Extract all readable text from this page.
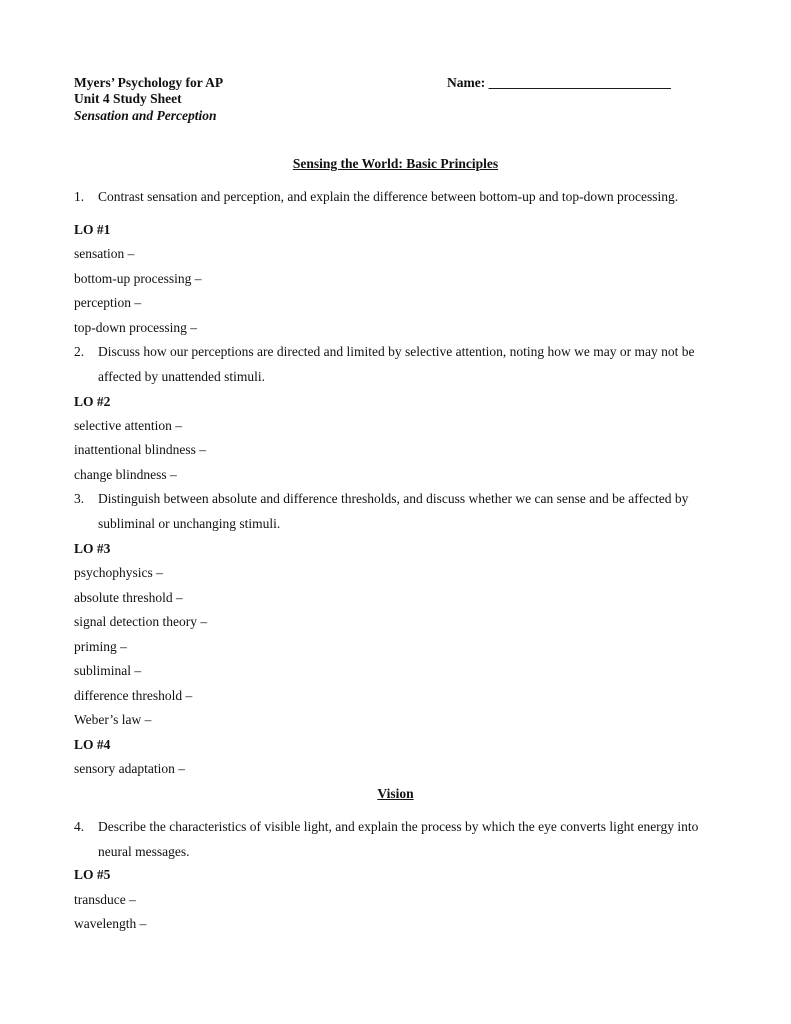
Myers’ Psychology for AP	Name: ___________________________
Unit 4 Study Sheet
Sensation and Perception
Sensing the World: Basic Principles
1. Contrast sensation and perception, and explain the difference between bottom-up and top-down processing.
LO #1
sensation –
bottom-up processing –
perception –
top-down processing –
2. Discuss how our perceptions are directed and limited by selective attention, noting how we may or may not be affected by unattended stimuli.
LO #2
selective attention –
inattentional blindness –
change blindness –
3. Distinguish between absolute and difference thresholds, and discuss whether we can sense and be affected by subliminal or unchanging stimuli.
LO #3
psychophysics –
absolute threshold –
signal detection theory –
priming –
subliminal –
difference threshold –
Weber’s law –
LO #4
sensory adaptation –
Vision
4. Describe the characteristics of visible light, and explain the process by which the eye converts light energy into neural messages.
LO #5
transduce –
wavelength –
